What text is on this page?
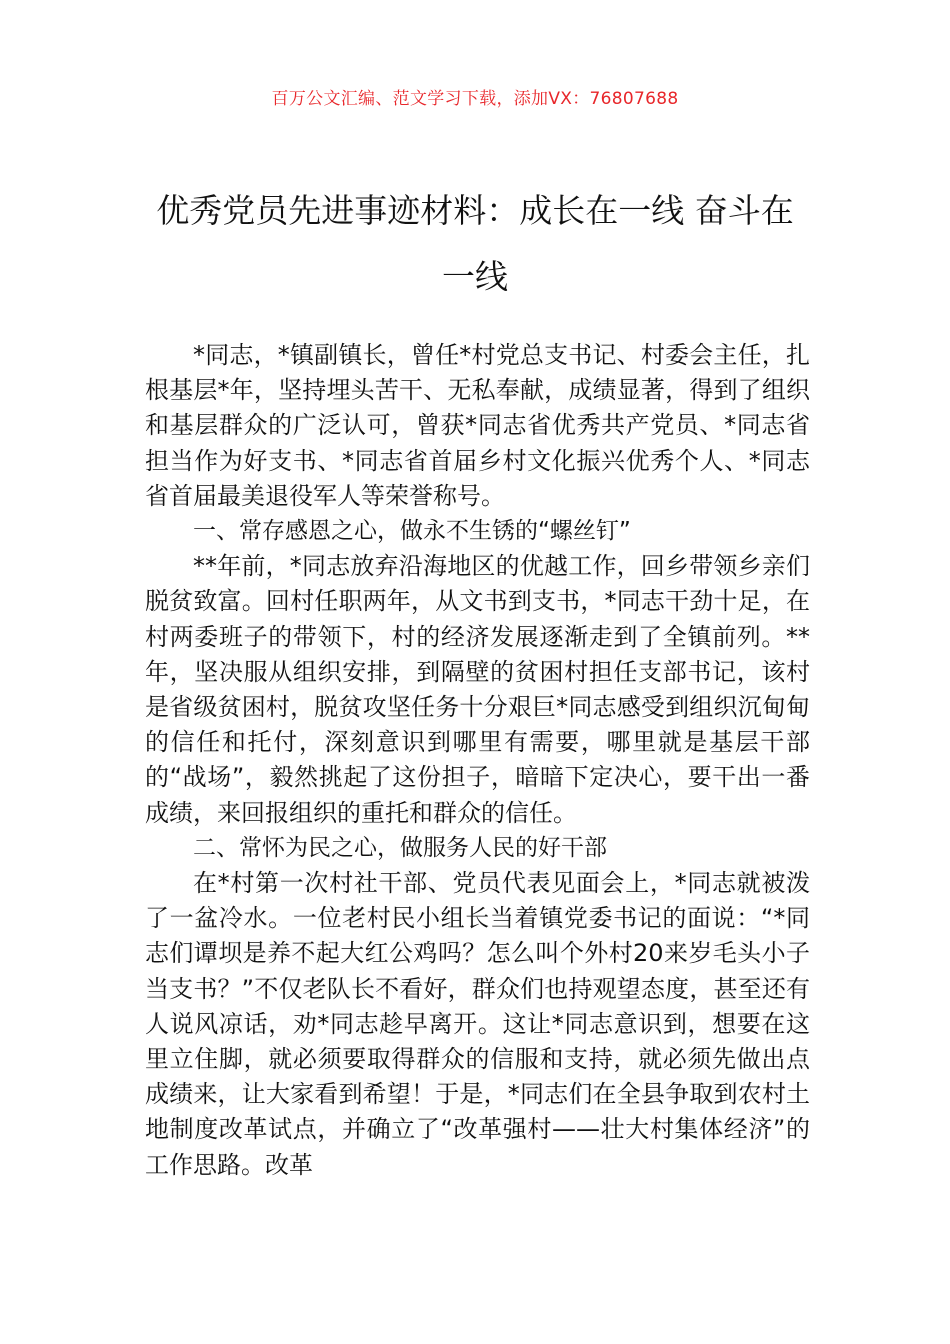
百万公文汇编、范文学习下载，添加VX：76807688
优秀党员先进事迹材料：成长在一线 奋斗在一线

*同志，*镇副镇长，曾任*村党总支书记、村委会主任，扎根基层*年，坚持埋头苦干、无私奉献，成绩显著，得到了组织和基层群众的广泛认可，曾获*同志省优秀共产党员、*同志省担当作为好支书、*同志省首届乡村文化振兴优秀个人、*同志省首届最美退役军人等荣誉称号。

一、常存感恩之心，做永不生锈的“螺丝钉”

**年前，*同志放弃沿海地区的优越工作，回乡带领乡亲们脱贫致富。回村任职两年，从文书到支书，*同志干劲十足，在村两委班子的带领下，村的经济发展逐渐走到了全镇前列。**年，坚决服从组织安排，到隔壁的贫困村担任支部书记，该村是省级贫困村，脱贫攻坚任务十分艰巨*同志感受到组织沉甸甸的信任和托付，深刻意识到哪里有需要，哪里就是基层干部的“战场”，毅然挑起了这份担子，暗暗下定决心，要干出一番成绩，来回报组织的重托和群众的信任。

二、常怀为民之心，做服务人民的好干部

在*村第一次村社干部、党员代表见面会上，*同志就被泼了一盆冷水。一位老村民小组长当着镇党委书记的面说：“*同志们谭坝是养不起大红公鸡吗？怎么叫个外村20来岁毛头小子当支书？”不仅老队长不看好，群众们也持观望态度，甚至还有人说风凉话，劝*同志趁早离开。这让*同志意识到，想要在这里立住脚，就必须要取得群众的信服和支持，就必须先做出点成绩来，让大家看到希望！于是，*同志们在全县争取到农村土地制度改革试点，并确立了“改革强村——壮大村集体经济”的工作思路。改革
